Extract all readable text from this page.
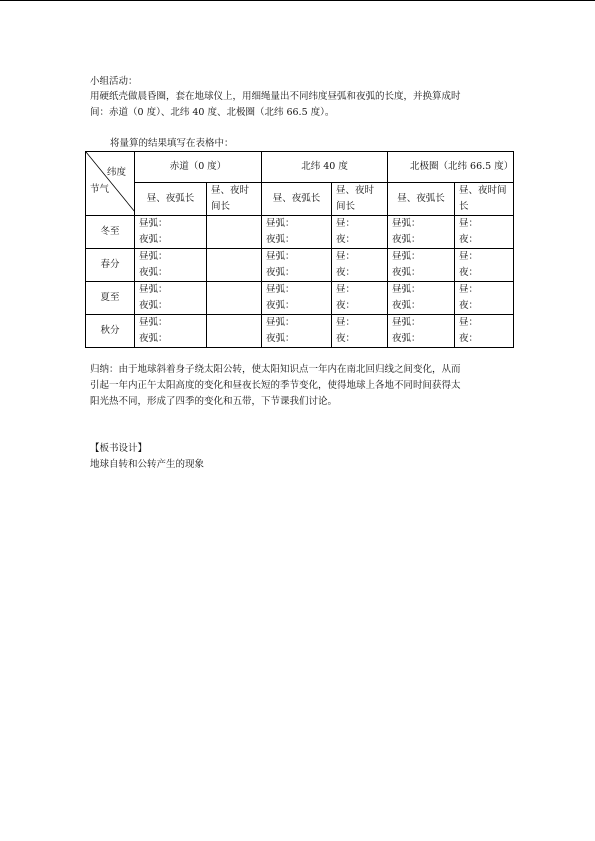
小组活动：
用硬纸壳做晨昏圈，套在地球仪上，用细绳量出不同纬度昼弧和夜弧的长度，并换算成时
间：赤道（0 度）、北纬 40 度、北极圈（北纬 66.5 度）。
将量算的结果填写在表格中：
纬度
节气	赤道（0 度）		北纬 40 度		北极圈（北纬 66.5 度）	

	昼、夜弧长	昼、夜时间长	昼、夜弧长	昼、夜时间长	昼、夜弧长	昼、夜时间长
冬至	昼弧：
夜弧：		昼弧：
夜弧：	昼：
夜：	昼弧：
夜弧：	昼：
夜：

春分	昼弧：
夜弧：		昼弧：
夜弧：	昼：
夜：	昼弧：
夜弧：	昼：
夜：

夏至	昼弧：
夜弧：		昼弧：
夜弧：	昼：
夜：	昼弧：
夜弧：	昼：
夜：

秋分	昼弧：
夜弧：		昼弧：
夜弧：	昼：
夜：	昼弧：
夜弧：	昼：
夜：
归纳：由于地球斜着身子绕太阳公转，使太阳知识点一年内在南北回归线之间变化，从而
引起一年内正午太阳高度的变化和昼夜长短的季节变化，使得地球上各地不同时间获得太
阳光热不同，形成了四季的变化和五带，下节课我们讨论。
【板书设计】
地球自转和公转产生的现象
